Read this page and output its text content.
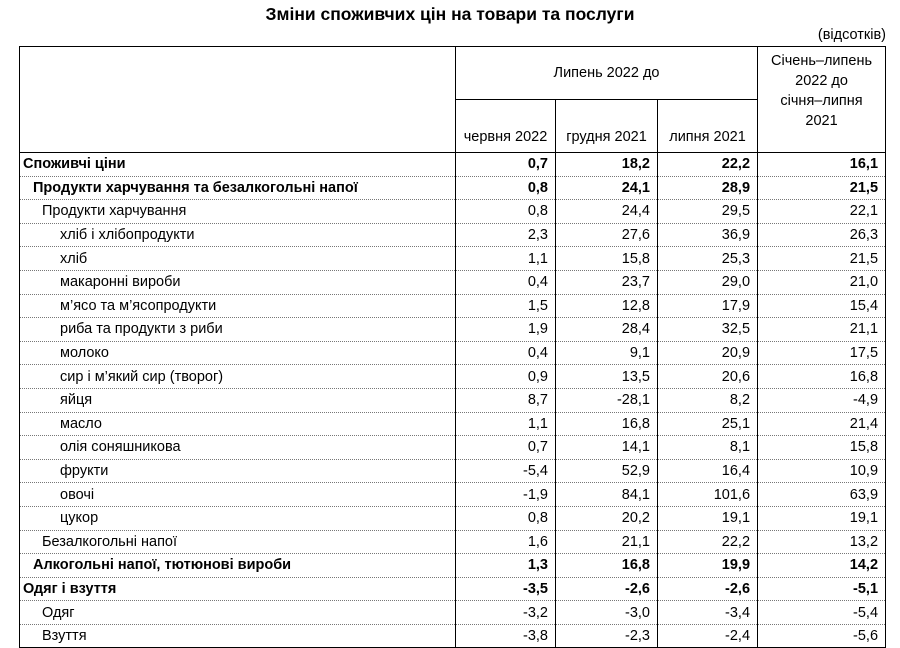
Зміни споживчих цін на товари та послуги
(відсотків)
	Липень 2022 до			Січень–липень
2022 до
січня–липня
2021

	червня 2022	грудня 2021	липня 2021	
Споживчі ціни	0,7	18,2	22,2	16,1
Продукти харчування та безалкогольні напої	0,8	24,1	28,9	21,5
Продукти харчування	0,8	24,4	29,5	22,1
хліб і хлібопродукти	2,3	27,6	36,9	26,3
хліб	1,1	15,8	25,3	21,5
макаронні вироби	0,4	23,7	29,0	21,0
м’ясо та м’ясопродукти	1,5	12,8	17,9	15,4
риба та продукти з риби	1,9	28,4	32,5	21,1
молоко	0,4	9,1	20,9	17,5
сир і м’який сир (творог)	0,9	13,5	20,6	16,8
яйця	8,7	-28,1	8,2	-4,9
масло	1,1	16,8	25,1	21,4
олія соняшникова	0,7	14,1	8,1	15,8
фрукти	-5,4	52,9	16,4	10,9
овочі	-1,9	84,1	101,6	63,9
цукор	0,8	20,2	19,1	19,1
Безалкогольні напої	1,6	21,1	22,2	13,2
Алкогольні напої, тютюнові вироби	1,3	16,8	19,9	14,2
Одяг і взуття	-3,5	-2,6	-2,6	-5,1
Одяг	-3,2	-3,0	-3,4	-5,4
Взуття	-3,8	-2,3	-2,4	-5,6
